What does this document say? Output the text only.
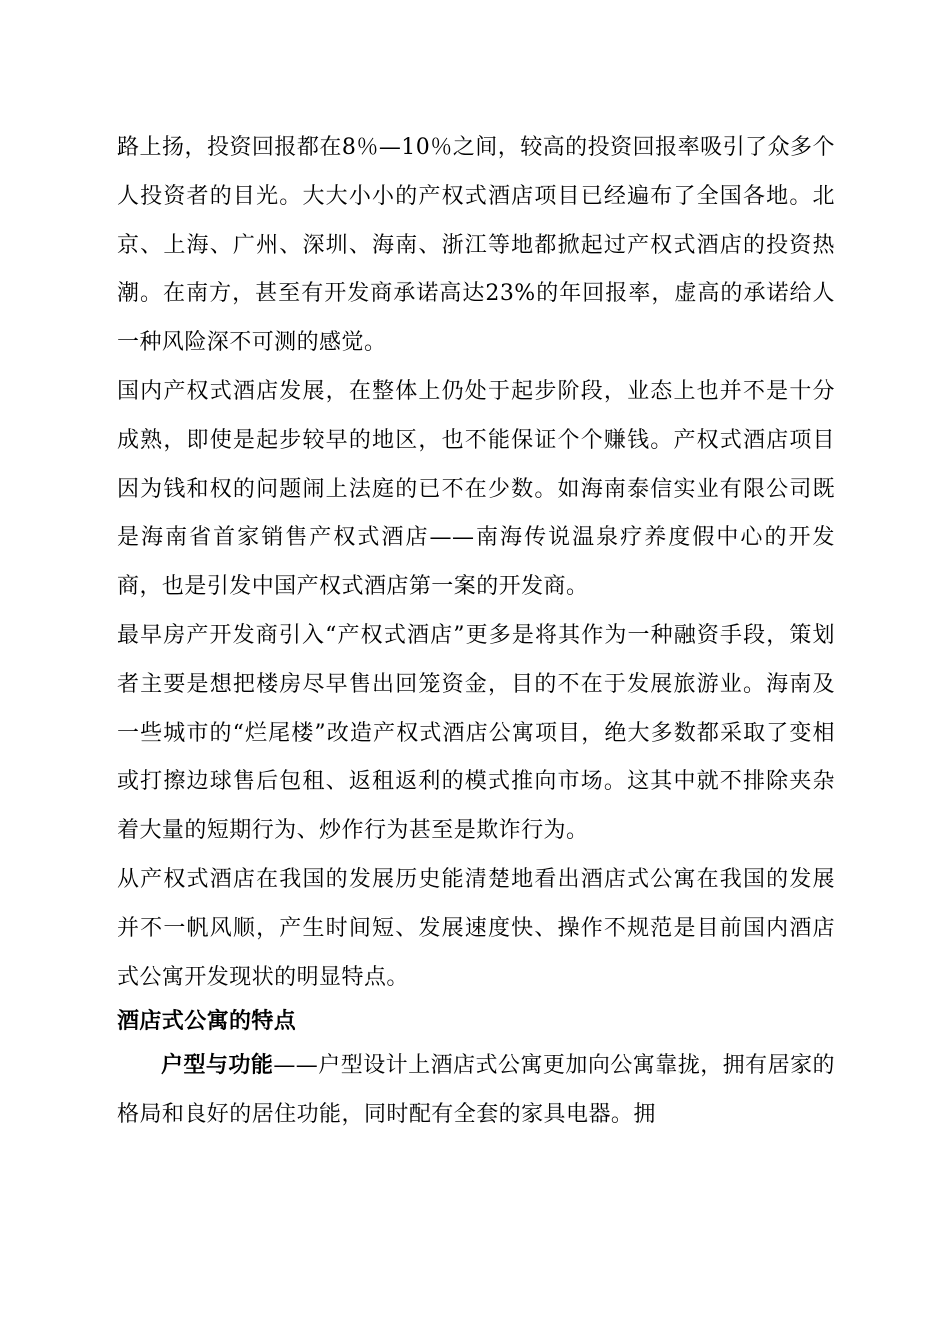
路上扬，投资回报都在8％—10％之间，较高的投资回报率吸引了众多个人投资者的目光。大大小小的产权式酒店项目已经遍布了全国各地。北京、上海、广州、深圳、海南、浙江等地都掀起过产权式酒店的投资热潮。在南方，甚至有开发商承诺高达23%的年回报率，虚高的承诺给人一种风险深不可测的感觉。

国内产权式酒店发展，在整体上仍处于起步阶段，业态上也并不是十分成熟，即使是起步较早的地区，也不能保证个个赚钱。产权式酒店项目因为钱和权的问题闹上法庭的已不在少数。如海南泰信实业有限公司既是海南省首家销售产权式酒店——南海传说温泉疗养度假中心的开发商，也是引发中国产权式酒店第一案的开发商。

最早房产开发商引入“产权式酒店”更多是将其作为一种融资手段，策划者主要是想把楼房尽早售出回笼资金，目的不在于发展旅游业。海南及一些城市的“烂尾楼”改造产权式酒店公寓项目，绝大多数都采取了变相或打擦边球售后包租、返租返利的模式推向市场。这其中就不排除夹杂着大量的短期行为、炒作行为甚至是欺诈行为。

从产权式酒店在我国的发展历史能清楚地看出酒店式公寓在我国的发展并不一帆风顺，产生时间短、发展速度快、操作不规范是目前国内酒店式公寓开发现状的明显特点。

酒店式公寓的特点

户型与功能——户型设计上酒店式公寓更加向公寓靠拢，拥有居家的格局和良好的居住功能，同时配有全套的家具电器。拥
